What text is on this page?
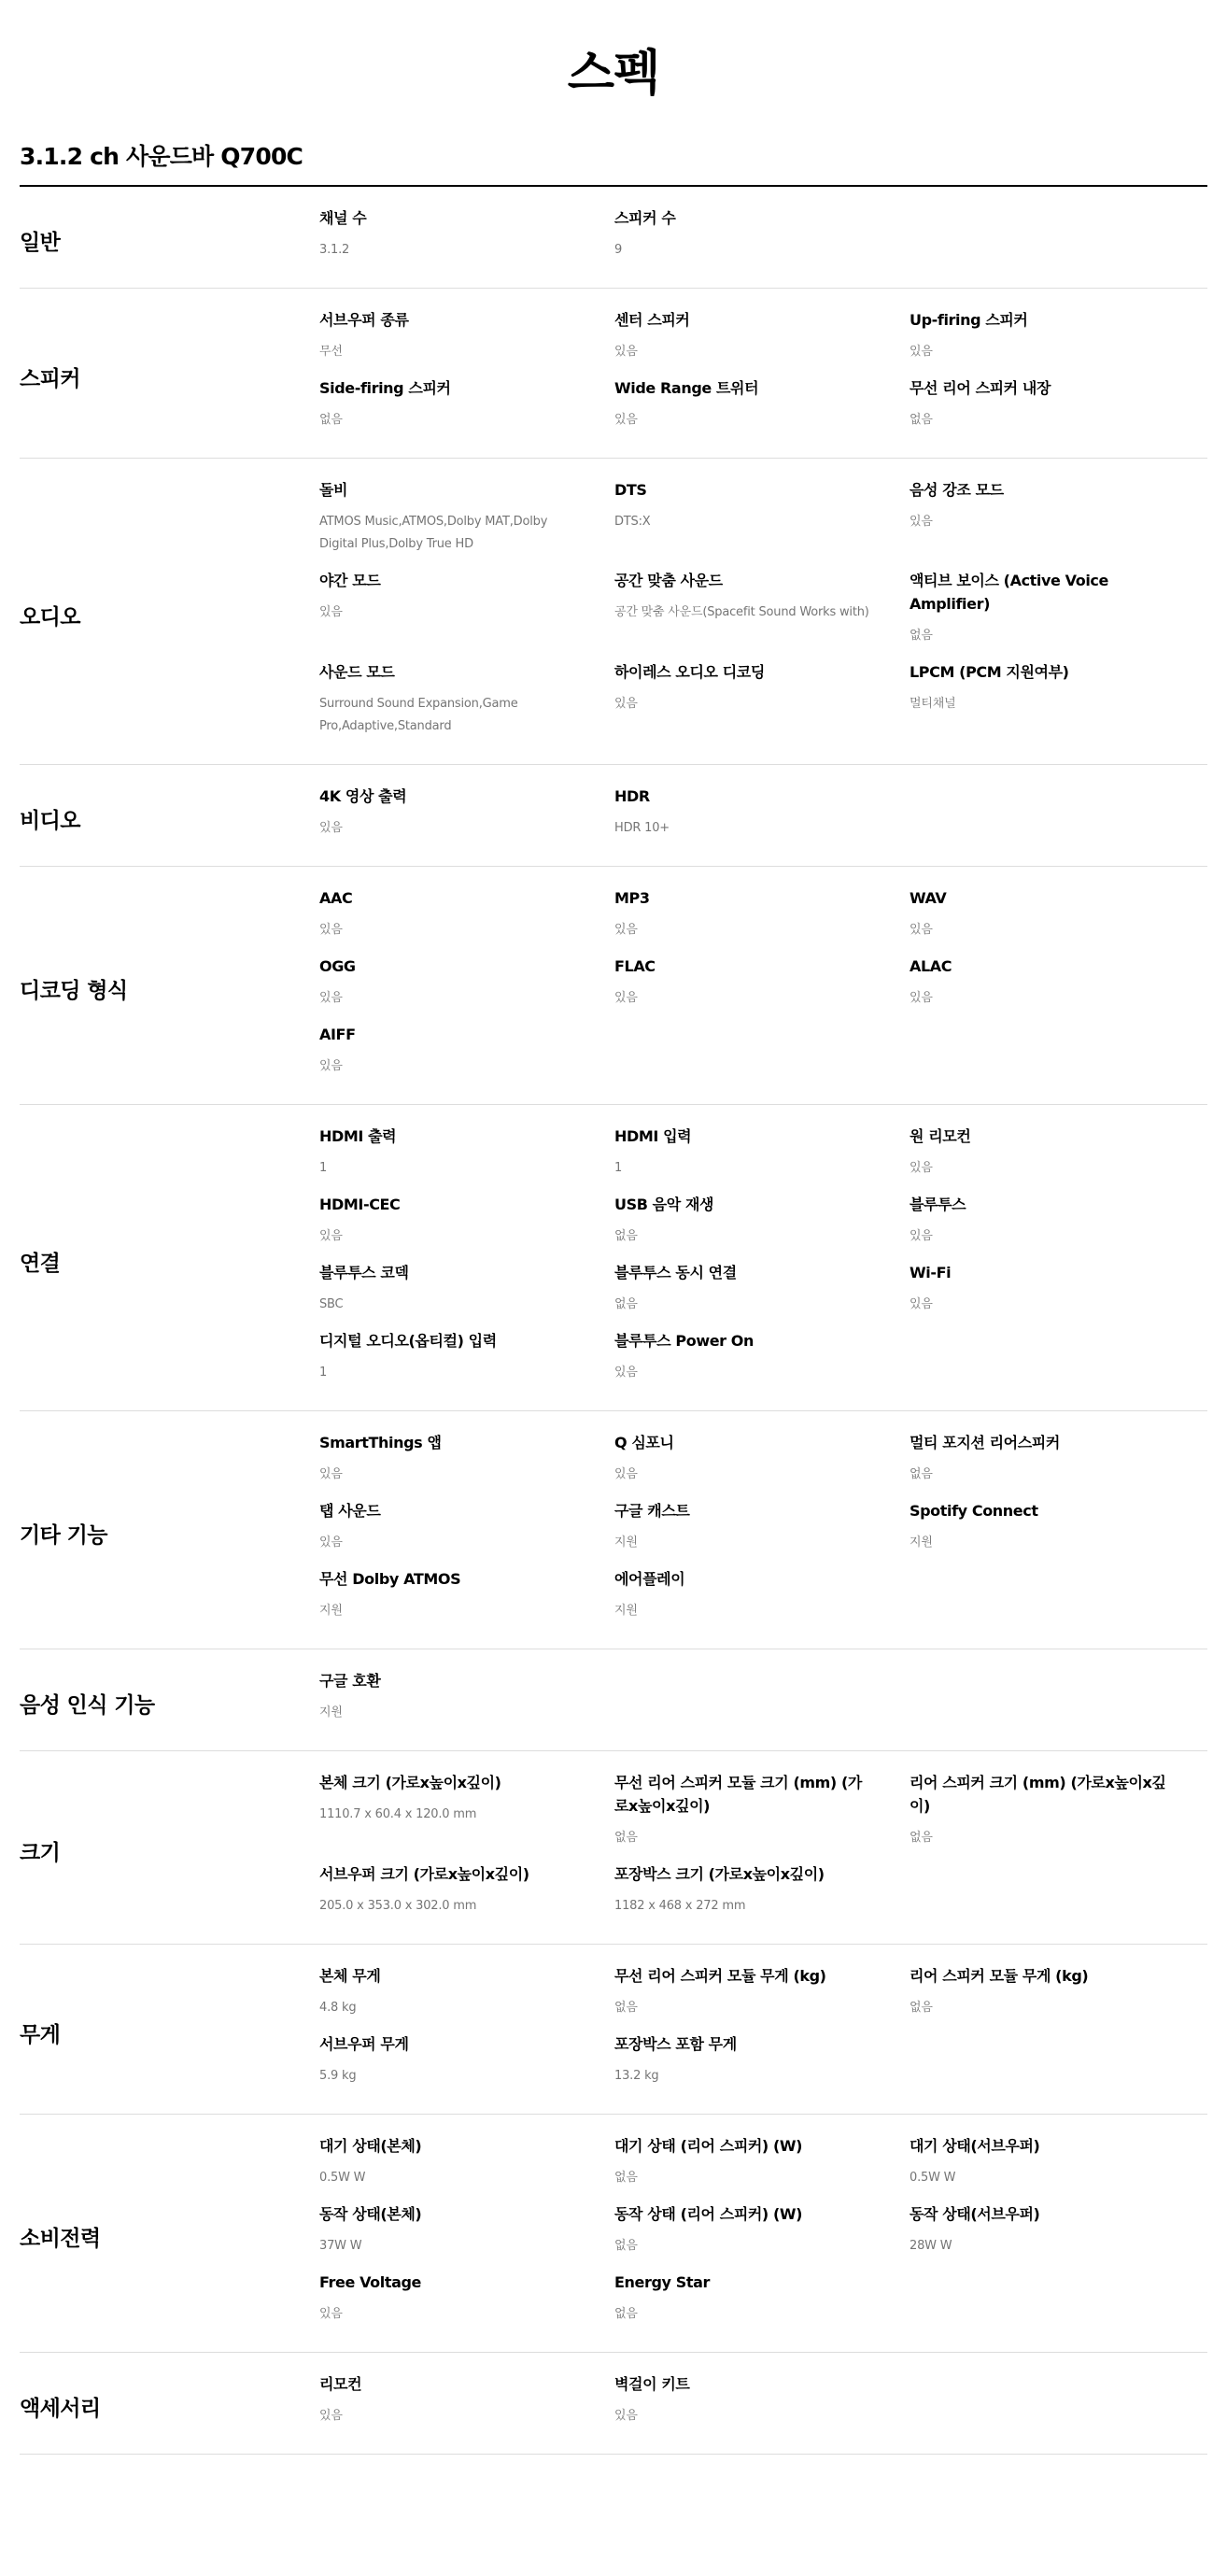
스펙
3.1.2 ch 사운드바 Q700C
일반
채널 수
3.1.2
스피커 수
9
스피커
서브우퍼 종류
무선
센터 스피커
있음
Up-firing 스피커
있음
Side-firing 스피커
없음
Wide Range 트위터
있음
무선 리어 스피커 내장
없음
오디오
돌비
ATMOS Music,ATMOS,Dolby MAT,Dolby Digital Plus,Dolby True HD
DTS
DTS:X
음성 강조 모드
있음
야간 모드
있음
공간 맞춤 사운드
공간 맞춤 사운드(Spacefit Sound Works with)
액티브 보이스 (Active Voice Amplifier)
없음
사운드 모드
Surround Sound Expansion,Game Pro,Adaptive,Standard
하이레스 오디오 디코딩
있음
LPCM (PCM 지원여부)
멀티채널
비디오
4K 영상 출력
있음
HDR
HDR 10+
디코딩 형식
AAC
있음
MP3
있음
WAV
있음
OGG
있음
FLAC
있음
ALAC
있음
AIFF
있음
연결
HDMI 출력
1
HDMI 입력
1
원 리모컨
있음
HDMI-CEC
있음
USB 음악 재생
없음
블루투스
있음
블루투스 코덱
SBC
블루투스 동시 연결
없음
Wi-Fi
있음
디지털 오디오(옵티컬) 입력
1
블루투스 Power On
있음
기타 기능
SmartThings 앱
있음
Q 심포니
있음
멀티 포지션 리어스피커
없음
탭 사운드
있음
구글 캐스트
지원
Spotify Connect
지원
무선 Dolby ATMOS
지원
에어플레이
지원
음성 인식 기능
구글 호환
지원
크기
본체 크기 (가로x높이x깊이)
1110.7 x 60.4 x 120.0 mm
무선 리어 스피커 모듈 크기 (mm) (가로x높이x깊이)
없음
리어 스피커 크기 (mm) (가로x높이x깊이)
없음
서브우퍼 크기 (가로x높이x깊이)
205.0 x 353.0 x 302.0 mm
포장박스 크기 (가로x높이x깊이)
1182 x 468 x 272 mm
무게
본체 무게
4.8 kg
무선 리어 스피커 모듈 무게 (kg)
없음
리어 스피커 모듈 무게 (kg)
없음
서브우퍼 무게
5.9 kg
포장박스 포함 무게
13.2 kg
소비전력
대기 상태(본체)
0.5W W
대기 상태 (리어 스피커) (W)
없음
대기 상태(서브우퍼)
0.5W W
동작 상태(본체)
37W W
동작 상태 (리어 스피커) (W)
없음
동작 상태(서브우퍼)
28W W
Free Voltage
있음
Energy Star
없음
액세서리
리모컨
있음
벽걸이 키트
있음
